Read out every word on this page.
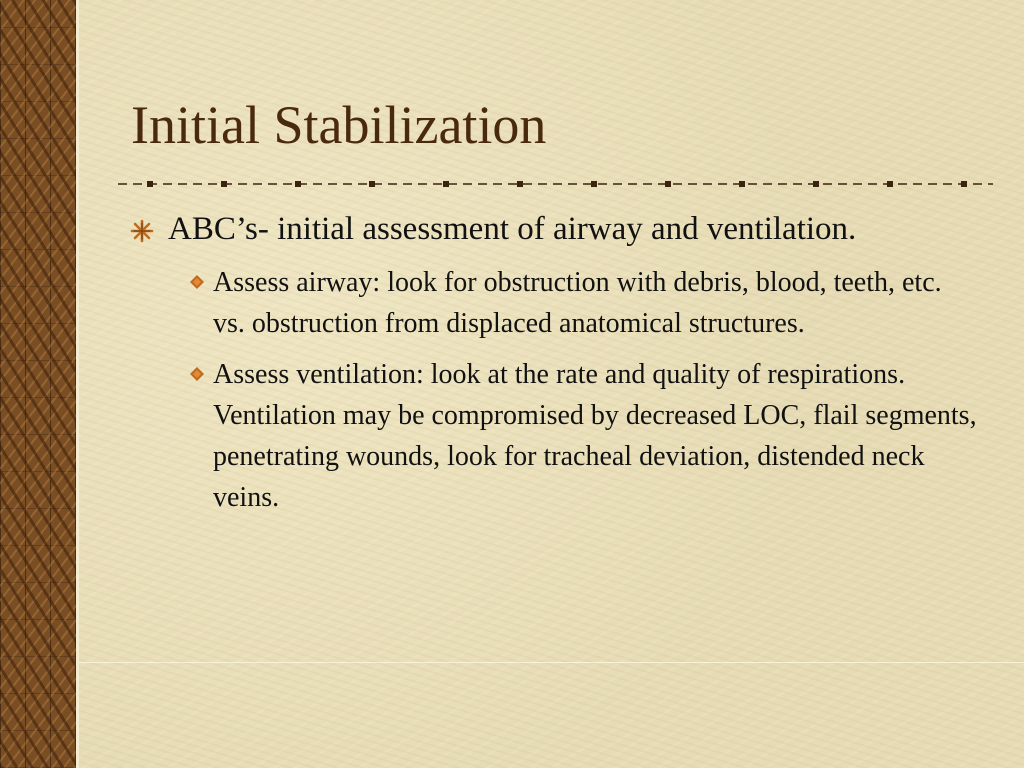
Initial Stabilization
ABC’s- initial assessment of airway and ventilation.
Assess airway: look for obstruction with debris, blood, teeth, etc. vs. obstruction from displaced anatomical structures.
Assess ventilation: look at the rate and quality of respirations. Ventilation may be compromised by decreased LOC, flail segments, penetrating wounds, look for tracheal deviation, distended neck veins.
